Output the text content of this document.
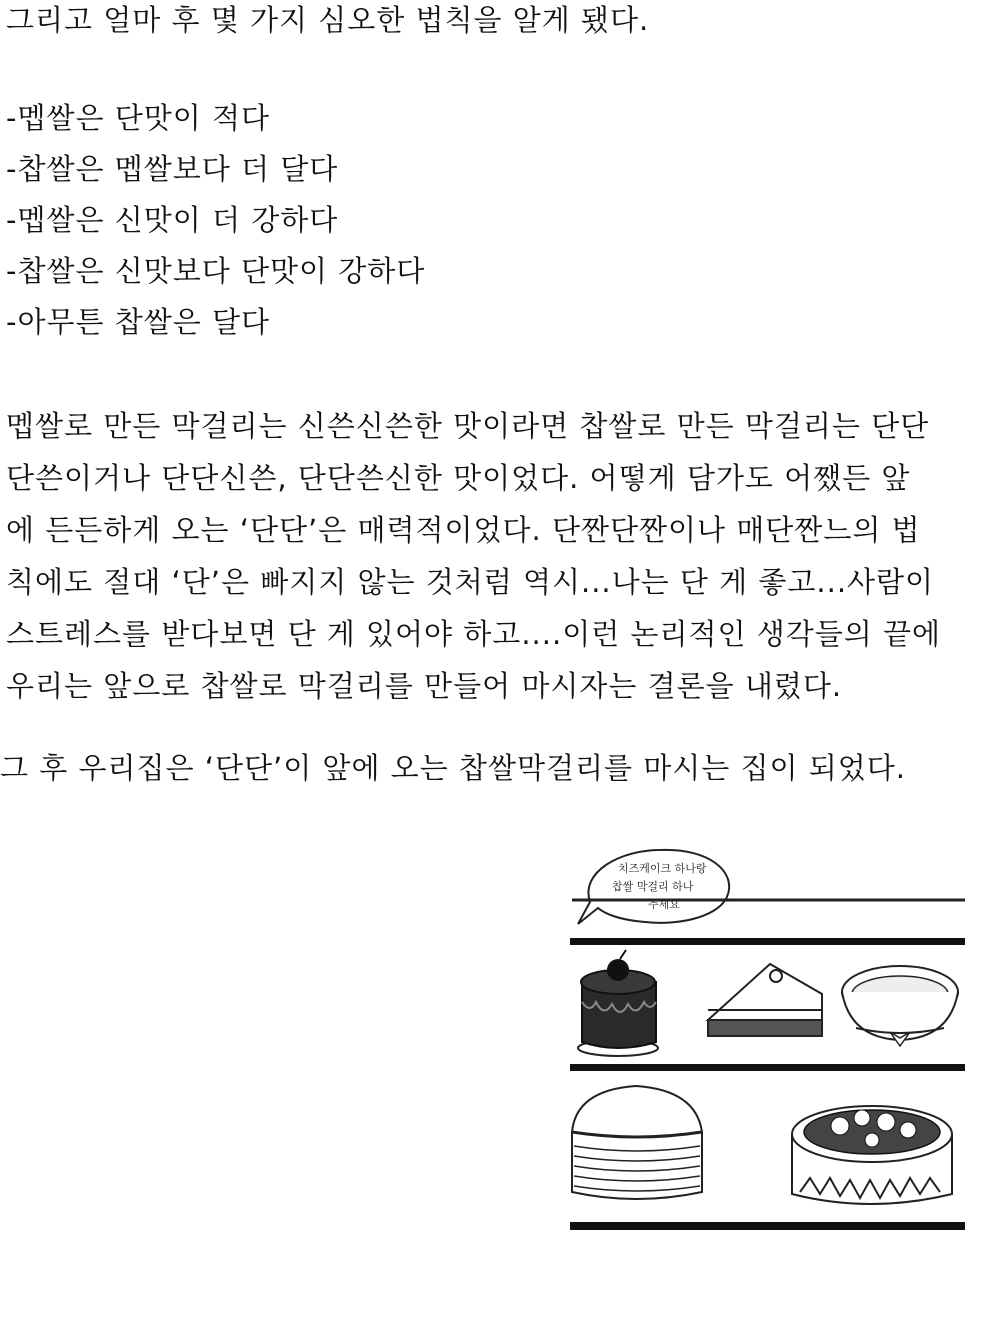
그리고 얼마 후 몇 가지 심오한 법칙을 알게 됐다.

-멥쌀은 단맛이 적다

-찹쌀은 멥쌀보다 더 달다

-멥쌀은 신맛이 더 강하다

-찹쌀은 신맛보다 단맛이 강하다

-아무튼 찹쌀은 달다

멥쌀로 만든 막걸리는 신쓴신쓴한 맛이라면 찹쌀로 만든 막걸리는 단단
단쓴이거나 단단신쓴, 단단쓴신한 맛이었다. 어떻게 담가도 어쨌든 앞
에 든든하게 오는 ‘단단’은 매력적이었다. 단짠단짠이나 매단짠느의 법
칙에도 절대 ‘단’은 빠지지 않는 것처럼 역시...나는 단 게 좋고...사람이
스트레스를 받다보면 단 게 있어야 하고....이런 논리적인 생각들의 끝에
우리는 앞으로 찹쌀로 막걸리를 만들어 마시자는 결론을 내렸다.

그 후 우리집은 ‘단단’이 앞에 오는 찹쌀막걸리를 마시는 집이 되었다.

치즈케이크 하나랑
찹쌀 막걸리 하나
주세요
